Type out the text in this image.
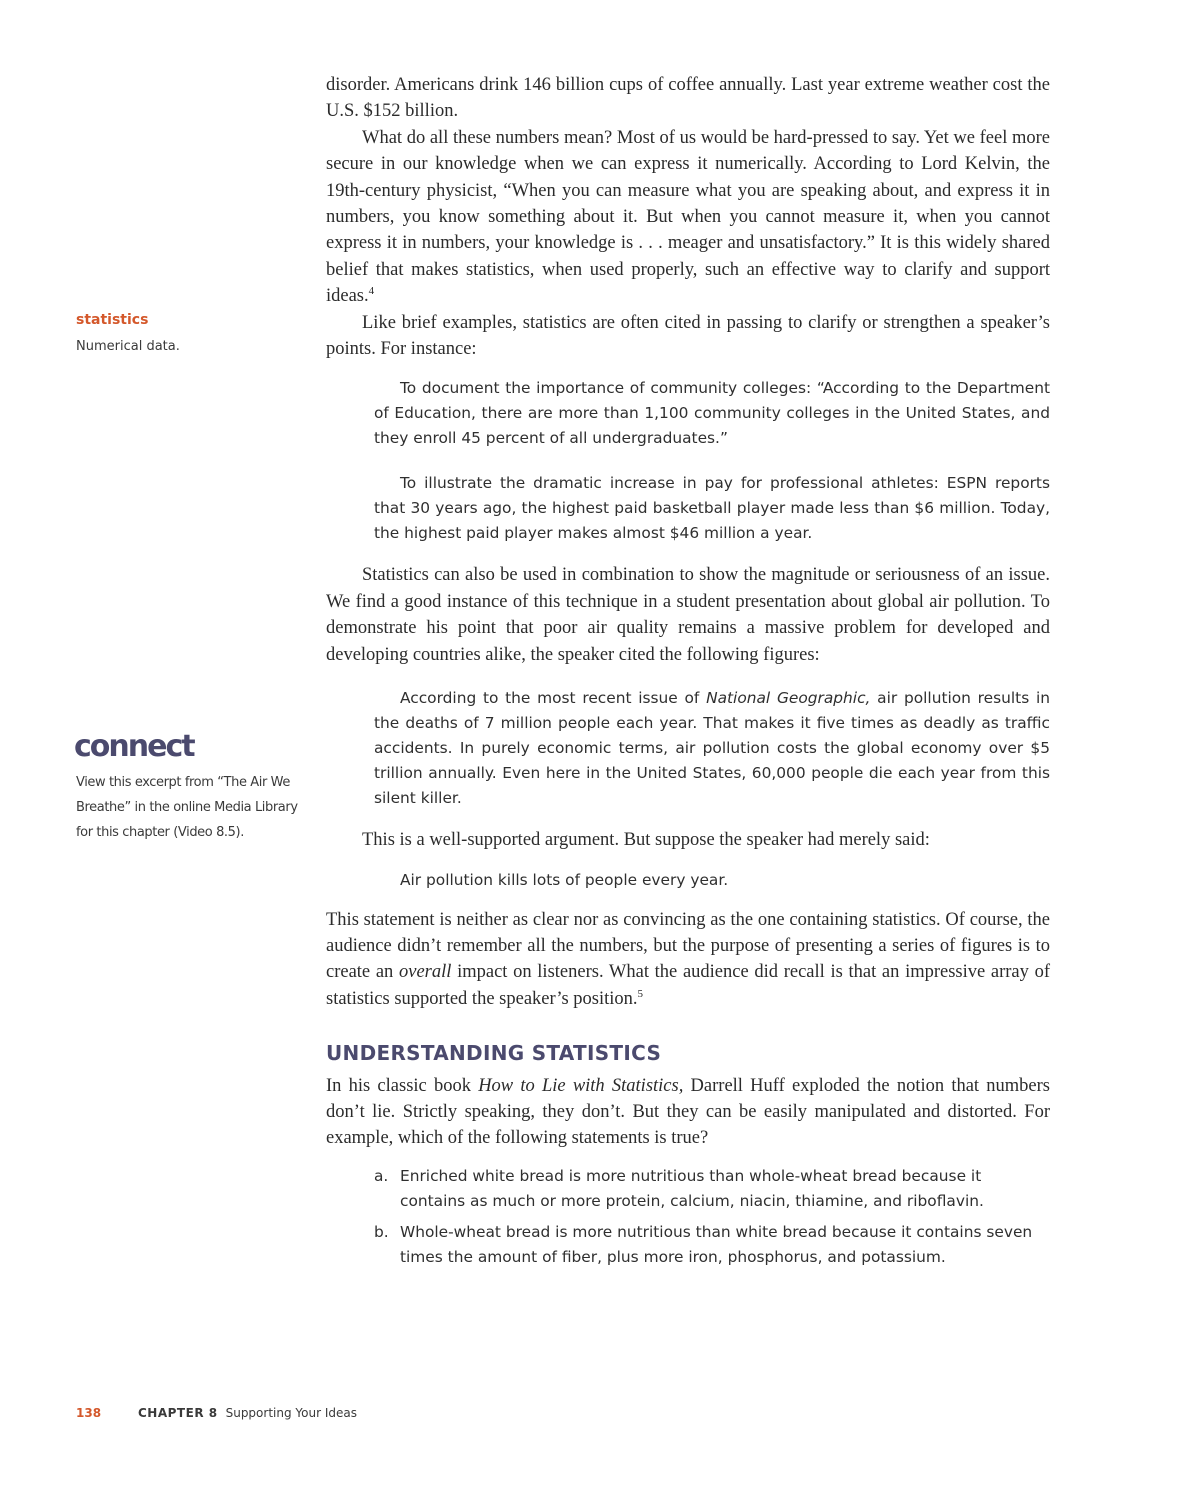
disorder. Americans drink 146 billion cups of coffee annually. Last year extreme weather cost the U.S. $152 billion.

What do all these numbers mean? Most of us would be hard-pressed to say. Yet we feel more secure in our knowledge when we can express it numerically. According to Lord Kelvin, the 19th-century physicist, “When you can measure what you are speaking about, and express it in numbers, you know something about it. But when you cannot measure it, when you cannot express it in numbers, your knowledge is . . . meager and unsatisfactory.” It is this widely shared belief that makes statistics, when used properly, such an effective way to clarify and support ideas.$^4$

Like brief examples, statistics are often cited in passing to clarify or strengthen a speaker’s points. For instance:

To document the importance of community colleges: “According to the Department of Education, there are more than 1,100 community colleges in the United States, and they enroll 45 percent of all undergraduates.”

To illustrate the dramatic increase in pay for professional athletes: ESPN reports that 30 years ago, the highest paid basketball player made less than $6 million. Today, the highest paid player makes almost $46 million a year.

Statistics can also be used in combination to show the magnitude or seriousness of an issue. We find a good instance of this technique in a student presentation about global air pollution. To demonstrate his point that poor air quality remains a massive problem for developed and developing countries alike, the speaker cited the following figures:

According to the most recent issue of National Geographic, air pollution results in the deaths of 7 million people each year. That makes it five times as deadly as traffic accidents. In purely economic terms, air pollution costs the global economy over $5 trillion annually. Even here in the United States, 60,000 people die each year from this silent killer.

This is a well-supported argument. But suppose the speaker had merely said:

Air pollution kills lots of people every year.

This statement is neither as clear nor as convincing as the one containing statistics. Of course, the audience didn’t remember all the numbers, but the purpose of presenting a series of figures is to create an overall impact on listeners. What the audience did recall is that an impressive array of statistics supported the speaker’s position.$^5$

UNDERSTANDING STATISTICS

In his classic book How to Lie with Statistics, Darrell Huff exploded the notion that numbers don’t lie. Strictly speaking, they don’t. But they can be easily manipulated and distorted. For example, which of the following statements is true?

a. Enriched white bread is more nutritious than whole-wheat bread because it contains as much or more protein, calcium, niacin, thiamine, and riboflavin.
b. Whole-wheat bread is more nutritious than white bread because it contains seven times the amount of fiber, plus more iron, phosphorus, and potassium.
statistics
Numerical data.
connect
View this excerpt from “The Air We Breathe” in the online Media Library for this chapter (Video 8.5).
138	CHAPTER 8 Supporting Your Ideas
